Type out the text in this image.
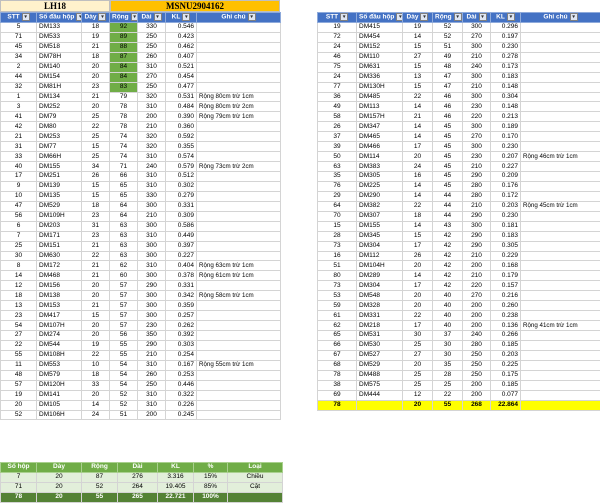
LH18	MSNU2904162
STT ▾	Số đầu hộp ▾	Dày ▾	Rộng ▾	Dài ▾	KL ▾	Ghi chú ▾
5	DM133	18	92	330	0.546	
71	DM533	19	89	250	0.423	
45	DM518	21	88	250	0.462	
34	DM78H	18	87	260	0.407	
2	DM140	20	84	310	0.521	
44	DM154	20	84	270	0.454	
32	DM81H	23	83	250	0.477	
1	DM134	21	79	320	0.531	Rộng 80cm trừ 1cm
3	DM252	20	78	310	0.484	Rộng 80cm trừ 2cm
41	DM79	25	78	200	0.390	Rộng 79cm trừ 1cm
42	DM80	22	78	210	0.360	
21	DM253	25	74	320	0.592	
31	DM77	15	74	320	0.355	
33	DM66H	25	74	310	0.574	
40	DM155	34	71	240	0.579	Rộng 73cm trừ 2cm
17	DM251	26	66	310	0.512	
9	DM139	15	65	310	0.302	
10	DM135	15	65	330	0.279	
47	DM529	18	64	300	0.331	
56	DM109H	23	64	210	0.309	
6	DM203	31	63	300	0.586	
7	DM171	23	63	310	0.449	
25	DM151	21	63	300	0.397	
30	DM630	22	63	300	0.227	
8	DM172	21	62	310	0.404	Rộng 63cm trừ 1cm
14	DM468	21	60	300	0.378	Rộng 61cm trừ 1cm
12	DM156	20	57	290	0.331	
18	DM138	20	57	300	0.342	Rộng 58cm trừ 1cm
13	DM153	21	57	300	0.359	
23	DM417	15	57	300	0.257	
54	DM107H	20	57	230	0.262	
27	DM274	20	56	350	0.392	
22	DM544	19	55	290	0.303	
55	DM108H	22	55	210	0.254	
11	DM553	10	54	310	0.167	Rộng 55cm trừ 1cm
48	DM579	18	54	260	0.253	
57	DM120H	33	54	250	0.446	
19	DM141	20	52	310	0.322	
20	DM105	14	52	310	0.226	
52	DM106H	24	51	200	0.245	
STT ▾	Số đầu hộp ▾	Dày ▾	Rộng ▾	Dài ▾	KL ▾	Ghi chú ▾
19	DM415	19	52	300	0.296	
72	DM454	14	52	270	0.197	
24	DM152	15	51	300	0.230	
46	DM110	27	49	210	0.278	
75	DM631	15	48	240	0.173	
24	DM336	13	47	300	0.183	
77	DM130H	15	47	210	0.148	
36	DM485	22	46	300	0.304	
49	DM113	14	46	230	0.148	
58	DM157H	21	46	220	0.213	
26	DM347	14	45	300	0.189	
37	DM465	14	45	270	0.170	
39	DM466	17	45	300	0.230	
50	DM114	20	45	230	0.207	Rộng 46cm trừ 1cm
63	DM383	24	45	210	0.227	
35	DM305	16	45	290	0.209	
76	DM225	14	45	280	0.176	
29	DM290	14	44	280	0.172	
64	DM382	22	44	210	0.203	Rộng 45cm trừ 1cm
70	DM307	18	44	290	0.230	
15	DM155	14	43	300	0.181	
28	DM345	15	42	290	0.183	
73	DM304	17	42	290	0.305	
16	DM112	26	42	210	0.229	
51	DM104H	20	42	200	0.168	
80	DM289	14	42	210	0.179	
73	DM304	17	42	220	0.157	
53	DM548	20	40	270	0.216	
59	DM328	20	40	200	0.260	
61	DM331	22	40	200	0.238	
62	DM218	17	40	200	0.136	Rộng 41cm trừ 1cm
65	DM531	30	37	240	0.266	
66	DM530	25	30	280	0.185	
67	DM527	27	30	250	0.203	
68	DM529	20	35	250	0.225	
78	DM488	25	28	250	0.175	
38	DM575	25	25	200	0.185	
69	DM444	12	22	200	0.077	
78		20	55	268	22.864	
Số hộp	Dày	Rộng	Dài	KL	%	Loại
7	20	87	276	3.316	15%	Chiều
71	20	52	264	19.405	85%	Cặt
78	20	55	265	22.721	100%	
